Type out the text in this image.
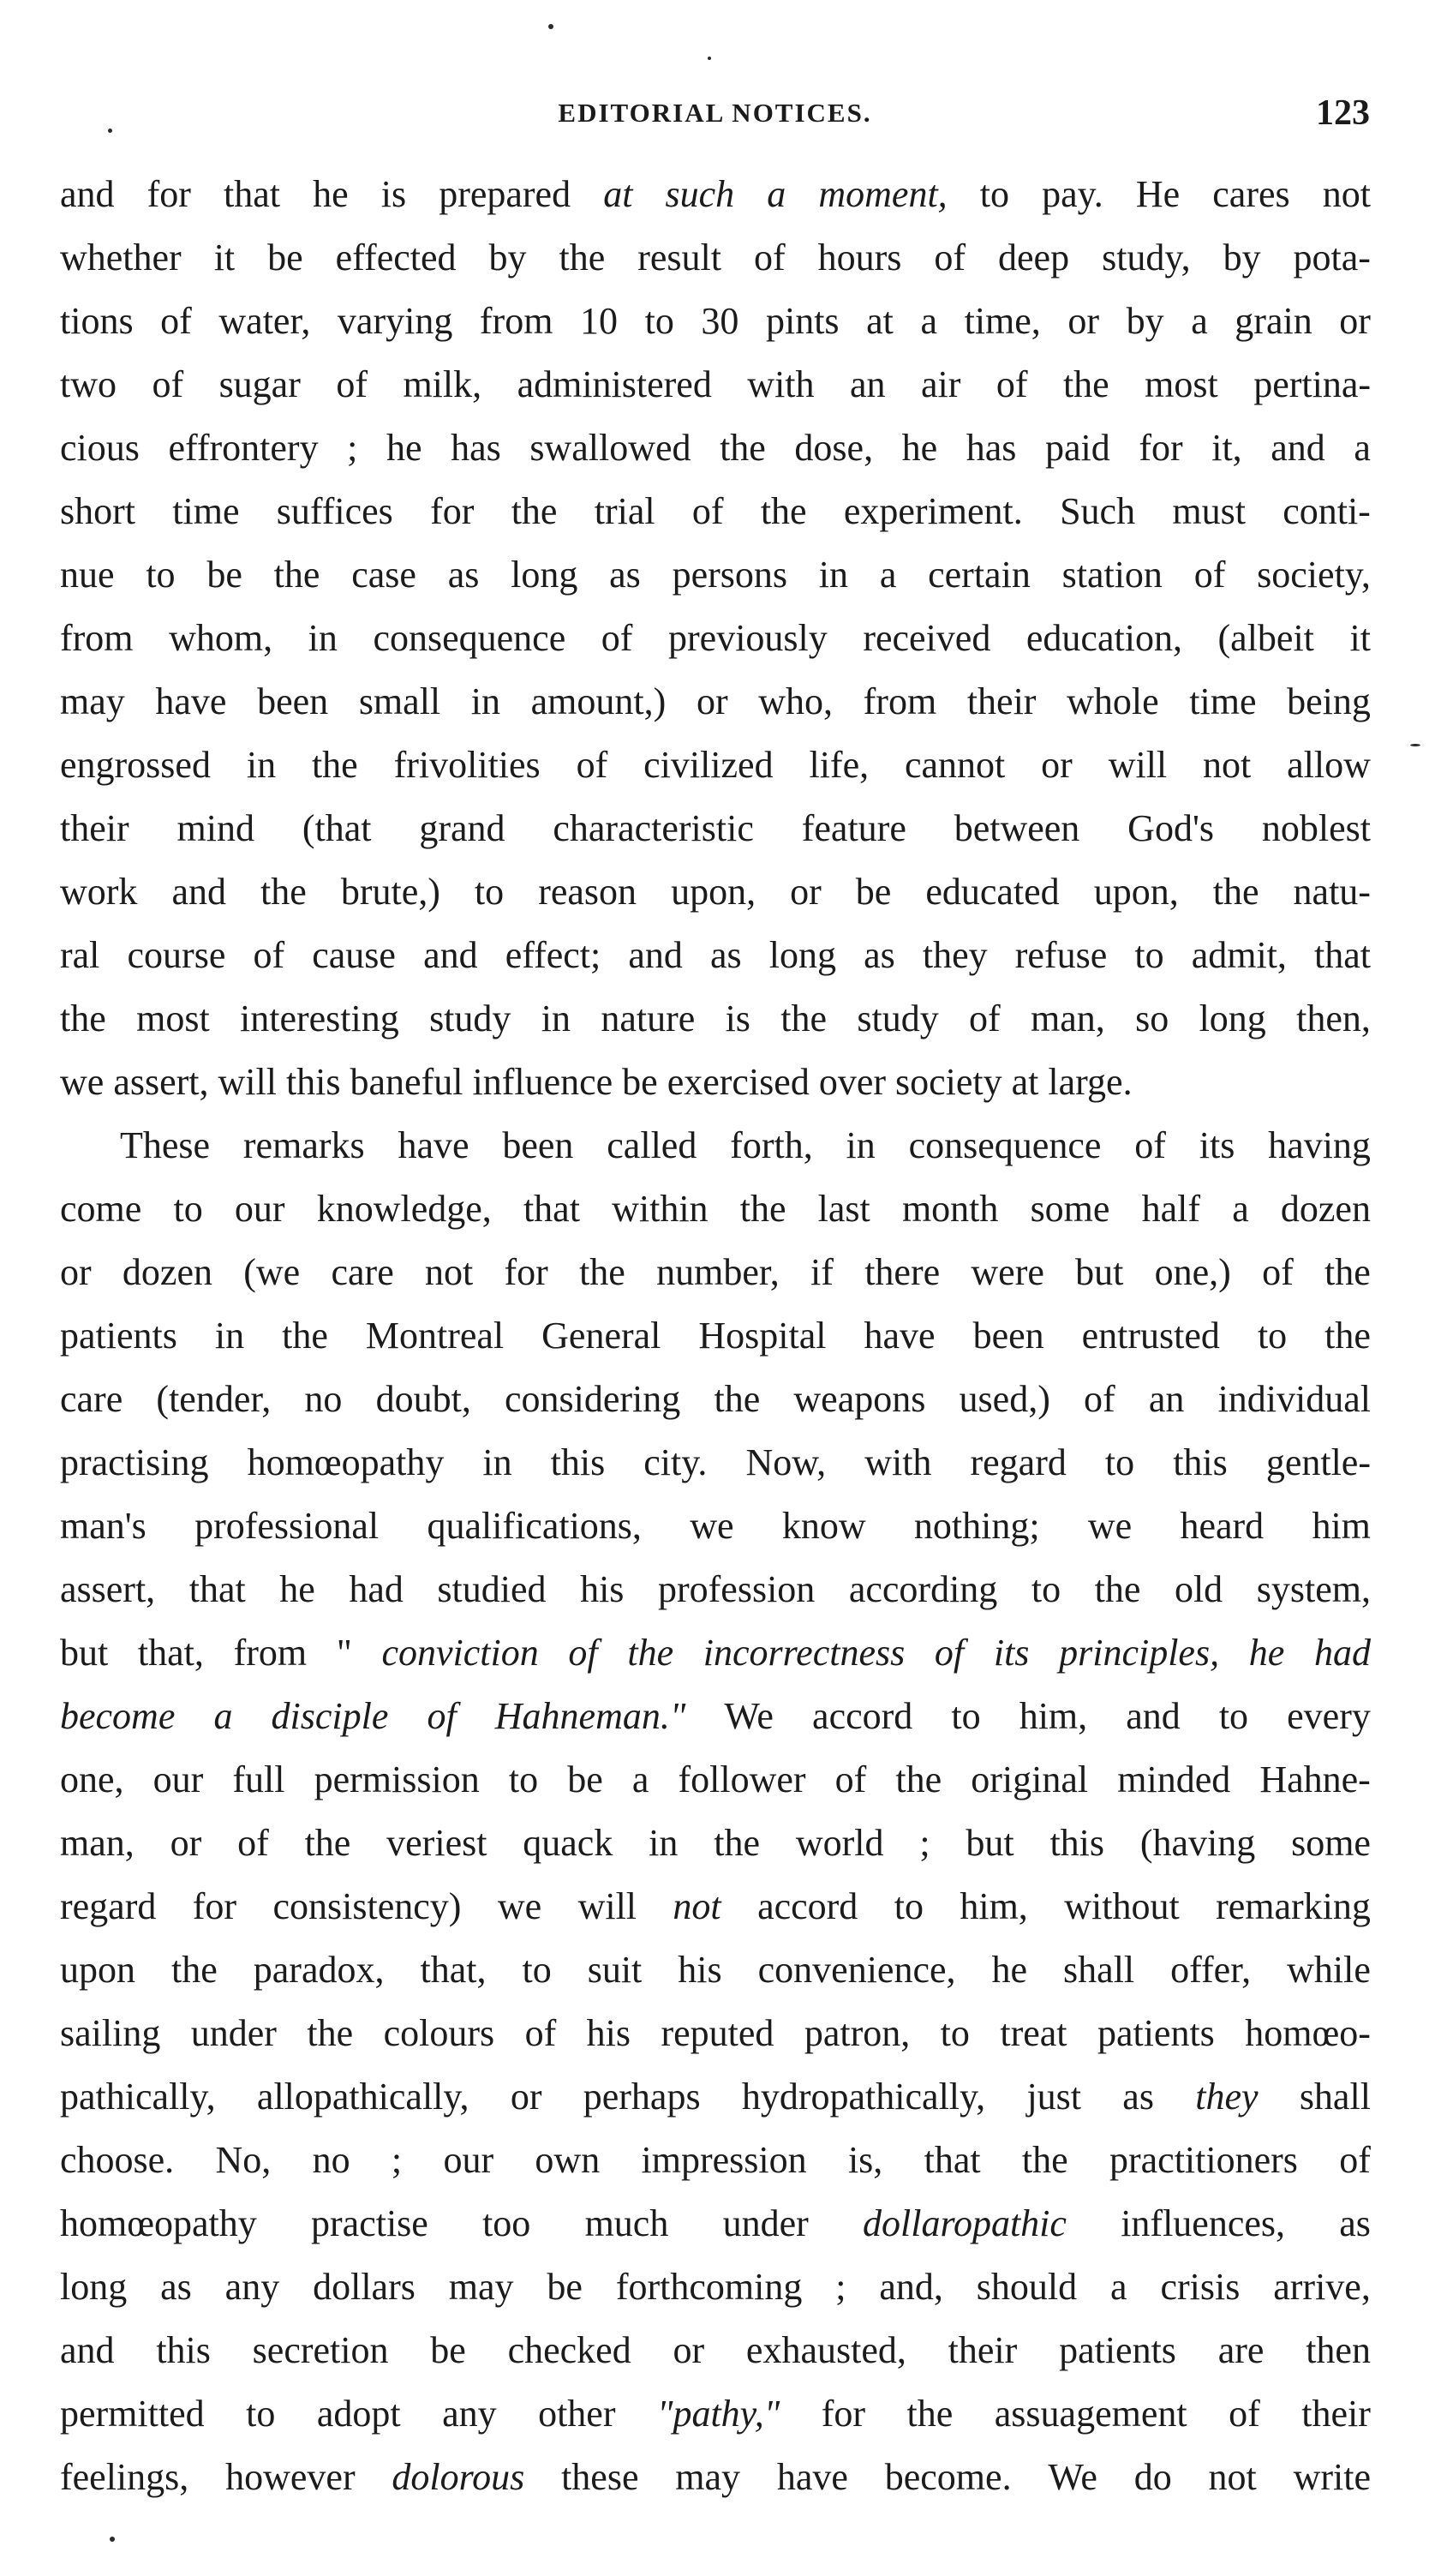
EDITORIAL NOTICES.	123
and for that he is prepared at such a moment, to pay. He cares not
whether it be effected by the result of hours of deep study, by pota-
tions of water, varying from 10 to 30 pints at a time, or by a grain or
two of sugar of milk, administered with an air of the most pertina-
cious effrontery ; he has swallowed the dose, he has paid for it, and a
short time suffices for the trial of the experiment. Such must conti-
nue to be the case as long as persons in a certain station of society,
from whom, in consequence of previously received education, (albeit it
may have been small in amount,) or who, from their whole time being
engrossed in the frivolities of civilized life, cannot or will not allow
their mind (that grand characteristic feature between God's noblest
work and the brute,) to reason upon, or be educated upon, the natu-
ral course of cause and effect; and as long as they refuse to admit, that
the most interesting study in nature is the study of man, so long then,
we
assert,
will
this
baneful
influence
be
exercised
over
society
at
large.
These remarks have been called forth, in consequence of its having
come to our knowledge, that within the last month some half a dozen
or dozen (we care not for the number, if there were but one,) of the
patients in the Montreal General Hospital have been entrusted to the
care (tender, no doubt, considering the weapons used,) of an individual
practising homœopathy in this city. Now, with regard to this gentle-
man's professional qualifications, we know nothing; we heard him
assert, that he had studied his profession according to the old system,
but that, from " conviction of the incorrectness of its principles, he had
become a disciple of Hahneman." We accord to him, and to every
one, our full permission to be a follower of the original minded Hahne-
man, or of the veriest quack in the world ; but this (having some
regard for consistency) we will not accord to him, without remarking
upon the paradox, that, to suit his convenience, he shall offer, while
sailing under the colours of his reputed patron, to treat patients homœo-
pathically, allopathically, or perhaps hydropathically, just as they shall
choose. No, no ; our own impression is, that the practitioners of
homœopathy practise too much under dollaropathic influences, as
long as any dollars may be forthcoming ; and, should a crisis arrive,
and this secretion be checked or exhausted, their patients are then
permitted to adopt any other "pathy," for the assuagement of their
feelings, however dolorous these may have become. We do not write
